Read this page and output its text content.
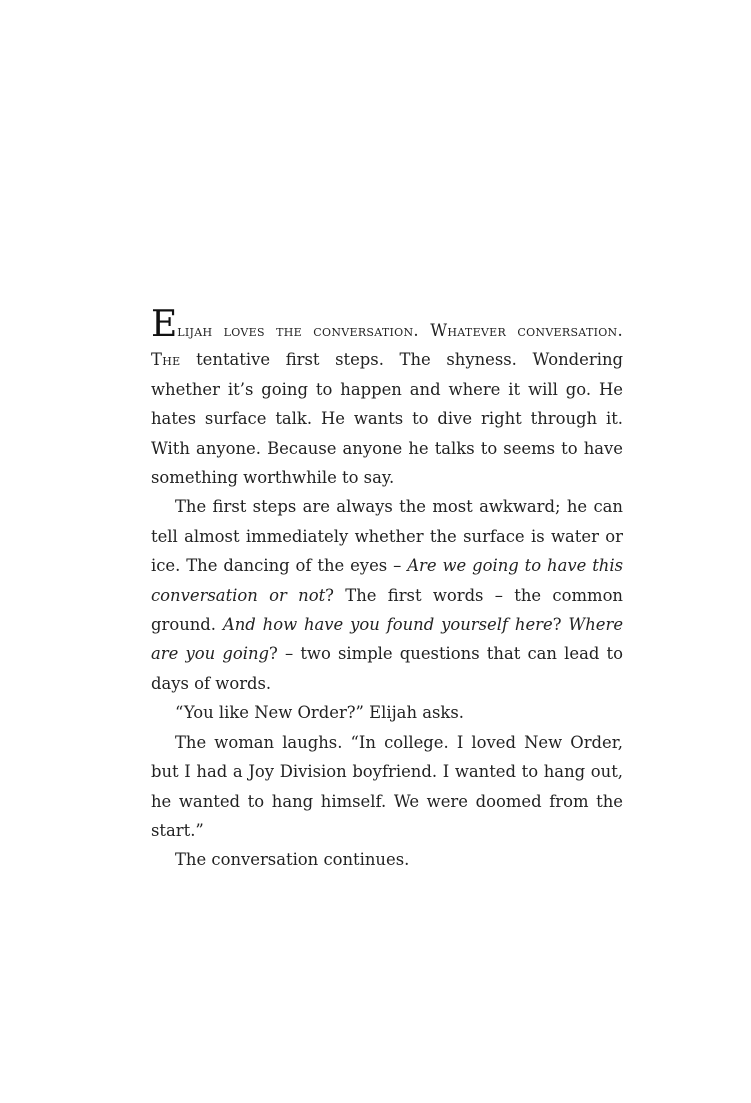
Elijah loves the conversation. Whatever conversation. The tentative first steps. The shyness. Wondering whether it’s going to happen and where it will go. He hates surface talk. He wants to dive right through it. With anyone. Because anyone he talks to seems to have something worthwhile to say.

The first steps are always the most awkward; he can tell almost immediately whether the surface is water or ice. The dancing of the eyes – Are we going to have this conversation or not? The first words – the common ground. And how have you found yourself here? Where are you going? – two simple questions that can lead to days of words.

“You like New Order?” Elijah asks.

The woman laughs. “In college. I loved New Order, but I had a Joy Division boyfriend. I wanted to hang out, he wanted to hang himself. We were doomed from the start.”

The conversation continues.
